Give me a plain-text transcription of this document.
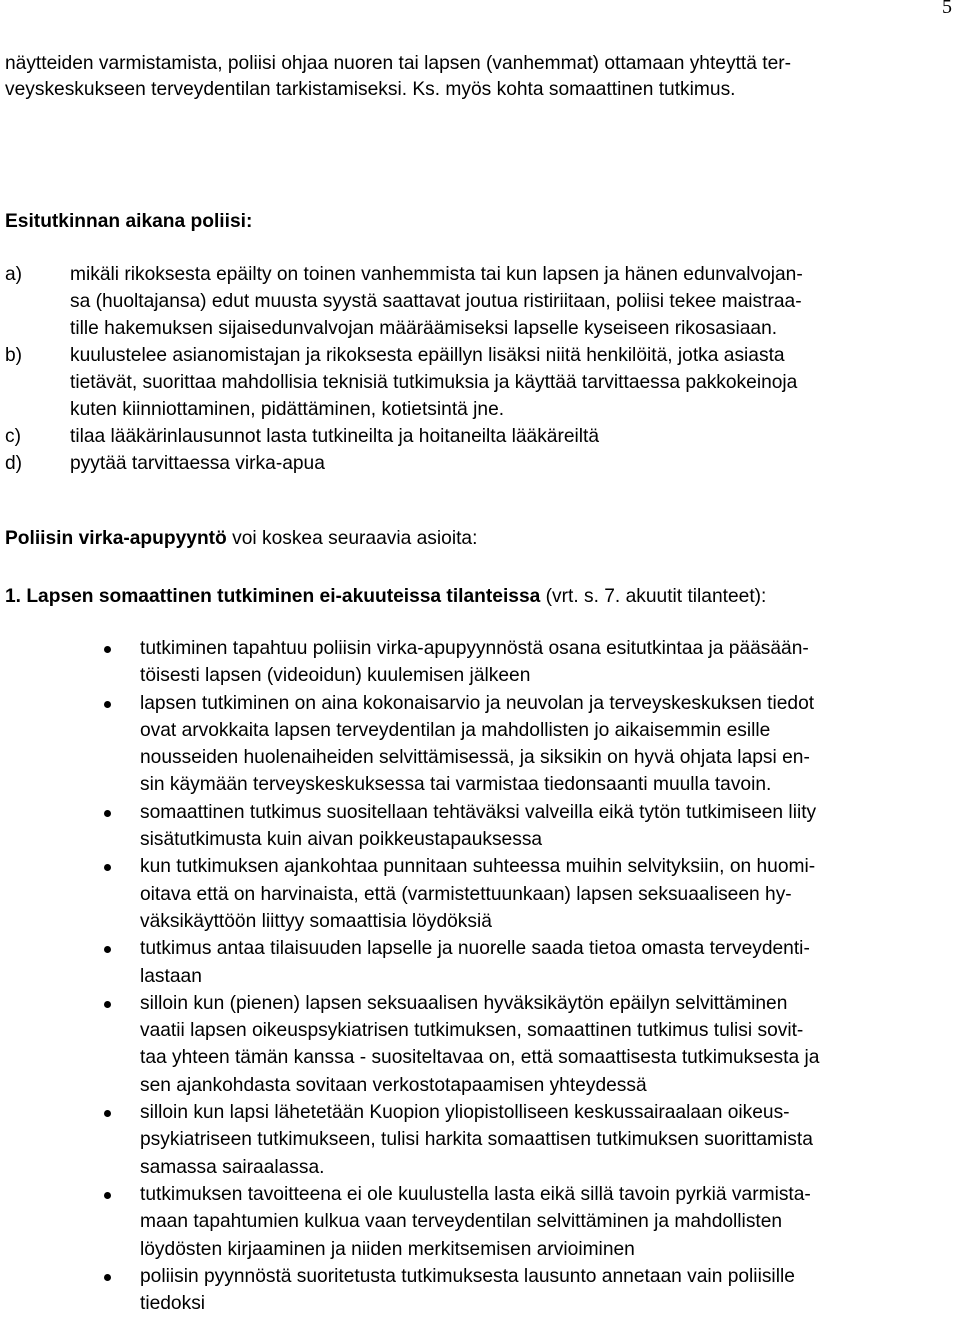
5
näytteiden varmistamista, poliisi ohjaa nuoren tai lapsen (vanhemmat) ottamaan yhteyttä ter-
veyskeskukseen terveydentilan tarkistamiseksi. Ks. myös kohta somaattinen tutkimus.
Esitutkinnan aikana poliisi:
a) mikäli rikoksesta epäilty on toinen vanhemmista tai kun lapsen ja hänen edunvalvojan-
sa (huoltajansa) edut muusta syystä saattavat joutua ristiriitaan, poliisi tekee maistraa-
tille hakemuksen sijaisedunvalvojan määräämiseksi lapselle kyseiseen rikosasiaan.
b) kuulustelee asianomistajan ja rikoksesta epäillyn lisäksi niitä henkilöitä, jotka asiasta
tietävät, suorittaa mahdollisia teknisiä tutkimuksia ja käyttää tarvittaessa pakkokeinoja
kuten kiinniottaminen, pidättäminen, kotietsintä jne.
c)	tilaa lääkärinlausunnot lasta tutkineilta ja hoitaneilta lääkäreiltä
d) pyytää tarvittaessa virka-apua
Poliisin virka-apupyyntö voi koskea seuraavia asioita:
1. Lapsen somaattinen tutkiminen ei-akuuteissa tilanteissa (vrt. s. 7. akuutit tilanteet):
tutkiminen tapahtuu poliisin virka-apupyynnöstä osana esitutkintaa ja pääsään-
töisesti lapsen (videoidun) kuulemisen jälkeen
lapsen tutkiminen on aina kokonaisarvio ja neuvolan ja terveyskeskuksen tiedot
ovat arvokkaita lapsen terveydentilan ja mahdollisten jo aikaisemmin esille
nousseiden huolenaiheiden selvittämisessä, ja siksikin on hyvä ohjata lapsi en-
sin käymään terveyskeskuksessa tai varmistaa tiedonsaanti muulla tavoin.
somaattinen tutkimus suositellaan tehtäväksi valveilla eikä tytön tutkimiseen liity
sisätutkimusta kuin aivan poikkeustapauksessa
kun tutkimuksen ajankohtaa punnitaan suhteessa muihin selvityksiin, on huomi-
oitava että on harvinaista, että (varmistettuunkaan) lapsen seksuaaliseen hy-
väksikäyttöön liittyy somaattisia löydöksiä
tutkimus antaa tilaisuuden lapselle ja nuorelle saada tietoa omasta terveydenti-
lastaan
silloin kun (pienen) lapsen seksuaalisen hyväksikäytön epäilyn selvittäminen
vaatii lapsen oikeuspsykiatrisen tutkimuksen, somaattinen tutkimus tulisi sovit-
taa yhteen tämän kanssa - suositeltavaa on, että somaattisesta tutkimuksesta ja
sen ajankohdasta sovitaan verkostotapaamisen yhteydessä
silloin kun lapsi lähetetään Kuopion yliopistolliseen keskussairaalaan oikeus-
psykiatriseen tutkimukseen, tulisi harkita somaattisen tutkimuksen suorittamista
samassa sairaalassa.
tutkimuksen tavoitteena ei ole kuulustella lasta eikä sillä tavoin pyrkiä varmista-
maan tapahtumien kulkua vaan terveydentilan selvittäminen ja mahdollisten
löydösten kirjaaminen ja niiden merkitsemisen arvioiminen
poliisin pyynnöstä suoritetusta tutkimuksesta lausunto annetaan vain poliisille
tiedoksi
